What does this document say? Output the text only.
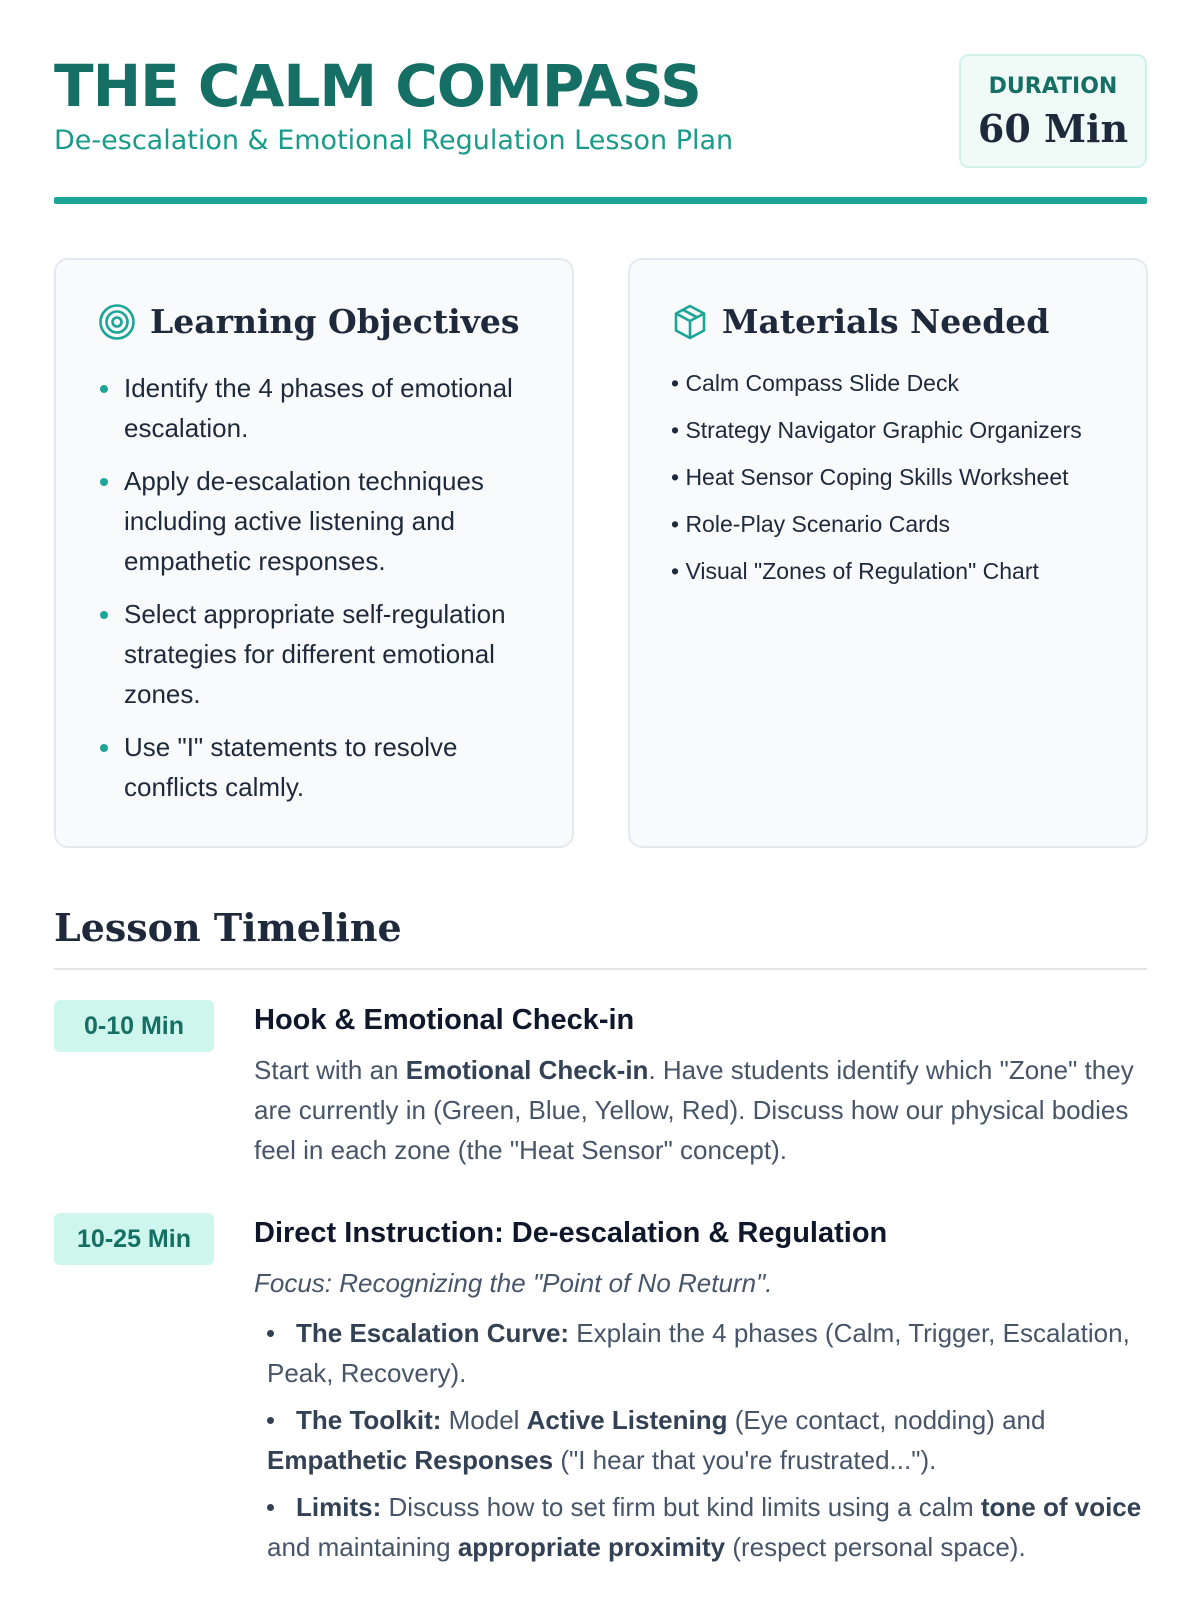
THE CALM COMPASS
De-escalation & Emotional Regulation Lesson Plan
DURATION
60 Min
Learning Objectives
Identify the 4 phases of emotional escalation.
Apply de-escalation techniques including active listening and empathetic responses.
Select appropriate self-regulation strategies for different emotional zones.
Use "I" statements to resolve conflicts calmly.
Materials Needed
• Calm Compass Slide Deck
• Strategy Navigator Graphic Organizers
• Heat Sensor Coping Skills Worksheet
• Role-Play Scenario Cards
• Visual "Zones of Regulation" Chart
Lesson Timeline
0-10 Min	Hook & Emotional Check-in
Start with an Emotional Check-in. Have students identify which "Zone" they are currently in (Green, Blue, Yellow, Red). Discuss how our physical bodies feel in each zone (the "Heat Sensor" concept).
10-25 Min	Direct Instruction: De-escalation & Regulation
Focus: Recognizing the "Point of No Return".
The Escalation Curve: Explain the 4 phases (Calm, Trigger, Escalation, Peak, Recovery).
The Toolkit: Model Active Listening (Eye contact, nodding) and Empathetic Responses ("I hear that you're frustrated...").
Limits: Discuss how to set firm but kind limits using a calm tone of voice and maintaining appropriate proximity (respect personal space).
